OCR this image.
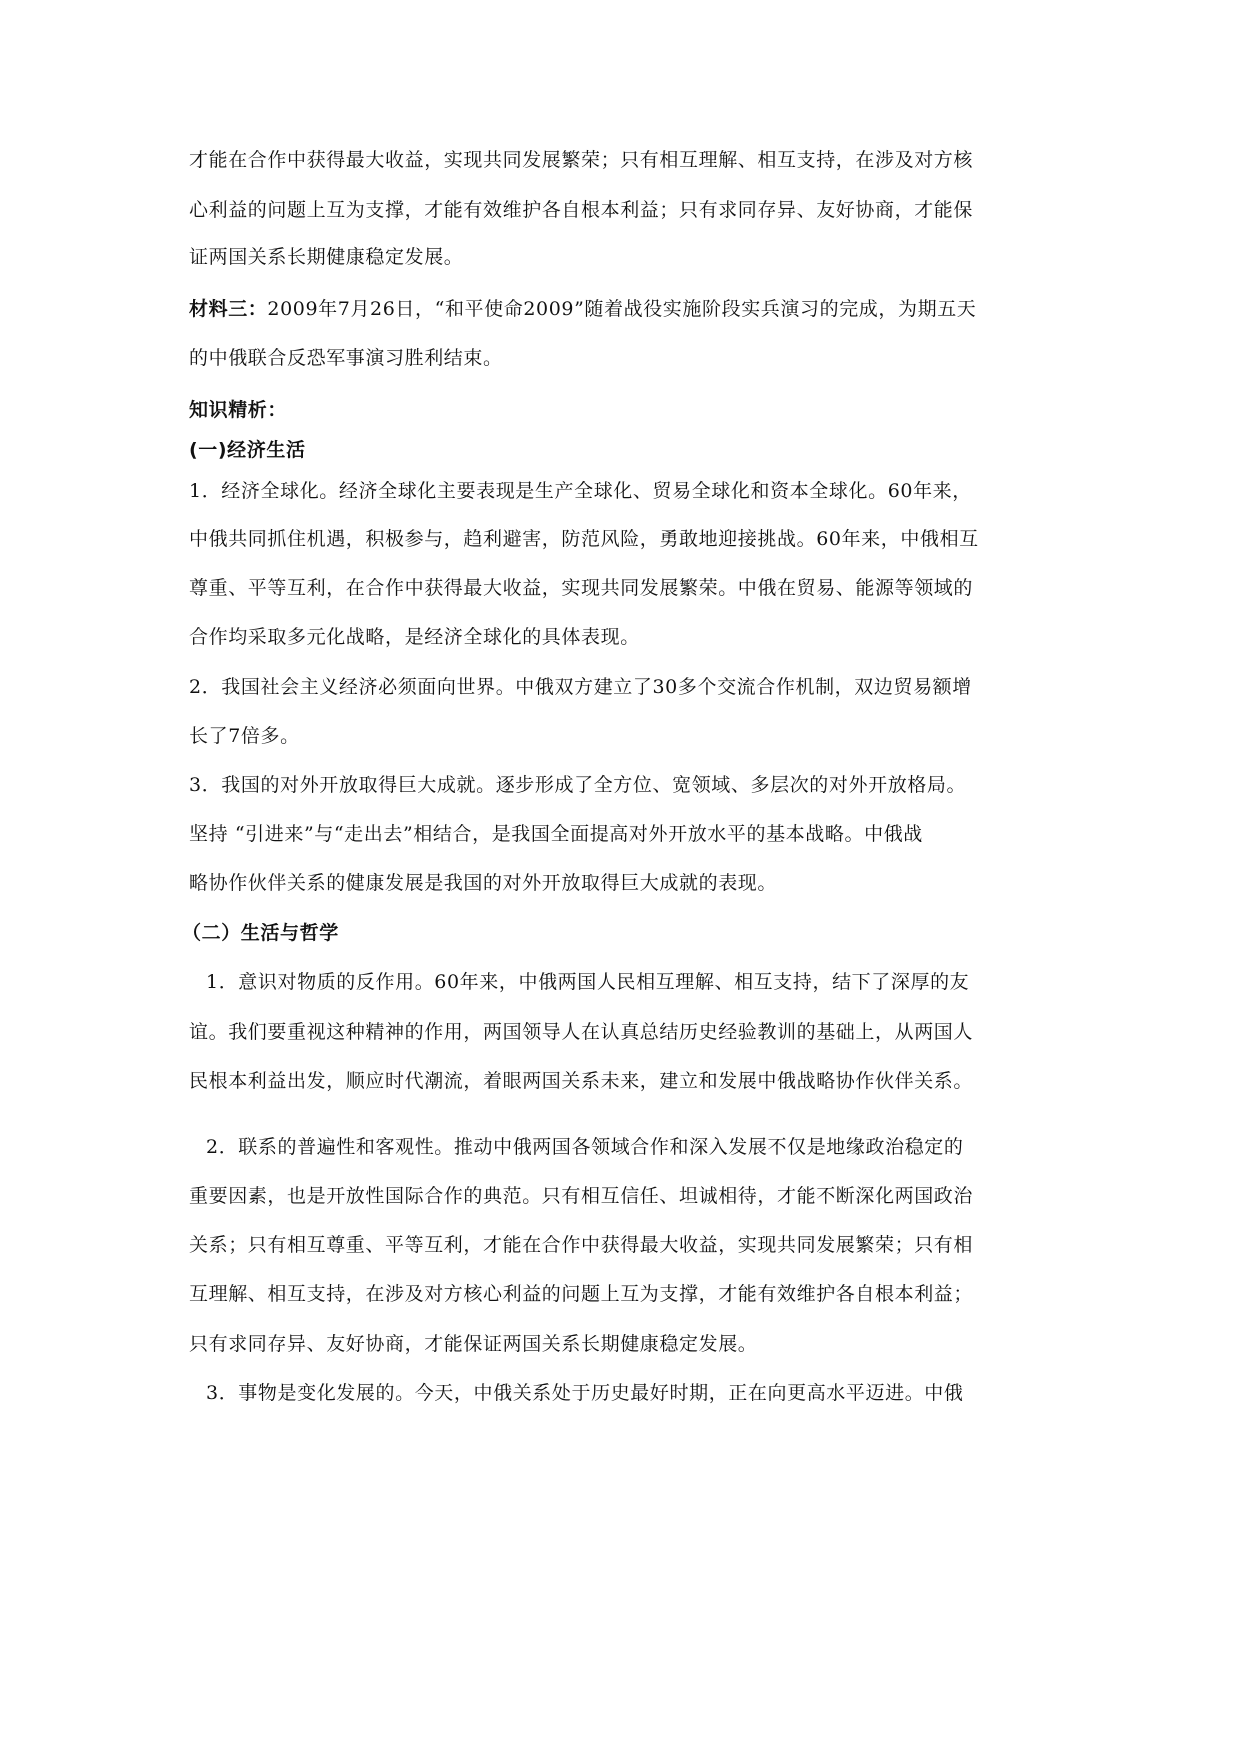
才能在合作中获得最大收益，实现共同发展繁荣；只有相互理解、相互支持，在涉及对方核
心利益的问题上互为支撑，才能有效维护各自根本利益；只有求同存异、友好协商，才能保
证两国关系长期健康稳定发展。
材料三：2009年7月26日，“和平使命2009”随着战役实施阶段实兵演习的完成，为期五天
的中俄联合反恐军事演习胜利结束。
知识精析：
(一)经济生活
1．经济全球化。经济全球化主要表现是生产全球化、贸易全球化和资本全球化。60年来，
中俄共同抓住机遇，积极参与，趋利避害，防范风险，勇敢地迎接挑战。60年来，中俄相互
尊重、平等互利，在合作中获得最大收益，实现共同发展繁荣。中俄在贸易、能源等领域的
合作均采取多元化战略，是经济全球化的具体表现。
2．我国社会主义经济必须面向世界。中俄双方建立了30多个交流合作机制，双边贸易额增
长了7倍多。
3．我国的对外开放取得巨大成就。逐步形成了全方位、宽领域、多层次的对外开放格局。
坚持 “引进来”与“走出去”相结合，是我国全面提高对外开放水平的基本战略。中俄战
略协作伙伴关系的健康发展是我国的对外开放取得巨大成就的表现。
（二）生活与哲学
1．意识对物质的反作用。60年来，中俄两国人民相互理解、相互支持，结下了深厚的友
谊。我们要重视这种精神的作用，两国领导人在认真总结历史经验教训的基础上，从两国人
民根本利益出发，顺应时代潮流，着眼两国关系未来，建立和发展中俄战略协作伙伴关系。
2．联系的普遍性和客观性。推动中俄两国各领域合作和深入发展不仅是地缘政治稳定的
重要因素，也是开放性国际合作的典范。只有相互信任、坦诚相待，才能不断深化两国政治
关系；只有相互尊重、平等互利，才能在合作中获得最大收益，实现共同发展繁荣；只有相
互理解、相互支持，在涉及对方核心利益的问题上互为支撑，才能有效维护各自根本利益；
只有求同存异、友好协商，才能保证两国关系长期健康稳定发展。
3．事物是变化发展的。今天，中俄关系处于历史最好时期，正在向更高水平迈进。中俄
